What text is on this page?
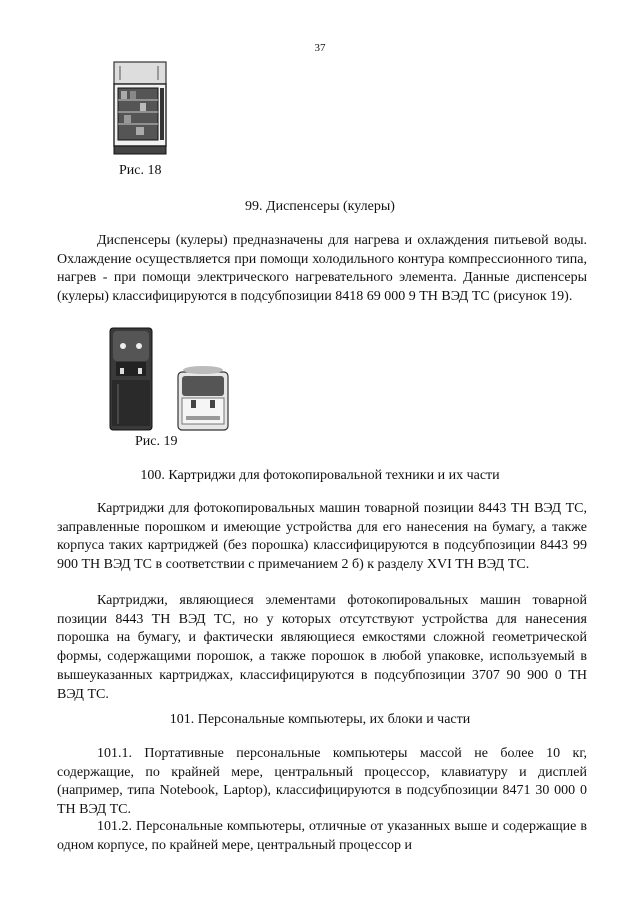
37
Рис. 18
99. Диспенсеры (кулеры)

Диспенсеры (кулеры) предназначены для нагрева и охлаждения питьевой воды. Охлаждение осуществляется при помощи холодильного контура компрессионного типа, нагрев - при помощи электрического нагревательного элемента. Данные диспенсеры (кулеры) классифицируются в подсубпозиции 8418 69 000 9 ТН ВЭД ТС (рисунок 19).

Рис. 19
100. Картриджи для фотокопировальной техники и их части

Картриджи для фотокопировальных машин товарной позиции 8443 ТН ВЭД ТС, заправленные порошком и имеющие устройства для его нанесения на бумагу, а также корпуса таких картриджей (без порошка) классифицируются в подсубпозиции 8443 99 900 ТН ВЭД ТС в соответствии с примечанием 2 б) к разделу XVI ТН ВЭД ТС.

Картриджи, являющиеся элементами фотокопировальных машин товарной позиции 8443 ТН ВЭД ТС, но у которых отсутствуют устройства для нанесения порошка на бумагу, и фактически являющиеся емкостями сложной геометрической формы, содержащими порошок, а также порошок в любой упаковке, используемый в вышеуказанных картриджах, классифицируются в подсубпозиции 3707 90 900 0 ТН ВЭД ТС.

101. Персональные компьютеры, их блоки и части

101.1. Портативные персональные компьютеры массой не более 10 кг, содержащие, по крайней мере, центральный процессор, клавиатуру и дисплей (например, типа Notebook, Laptop), классифицируются в подсубпозиции 8471 30 000 0 ТН ВЭД ТС.

101.2. Персональные компьютеры, отличные от указанных выше и содержащие в одном корпусе, по крайней мере, центральный процессор и
